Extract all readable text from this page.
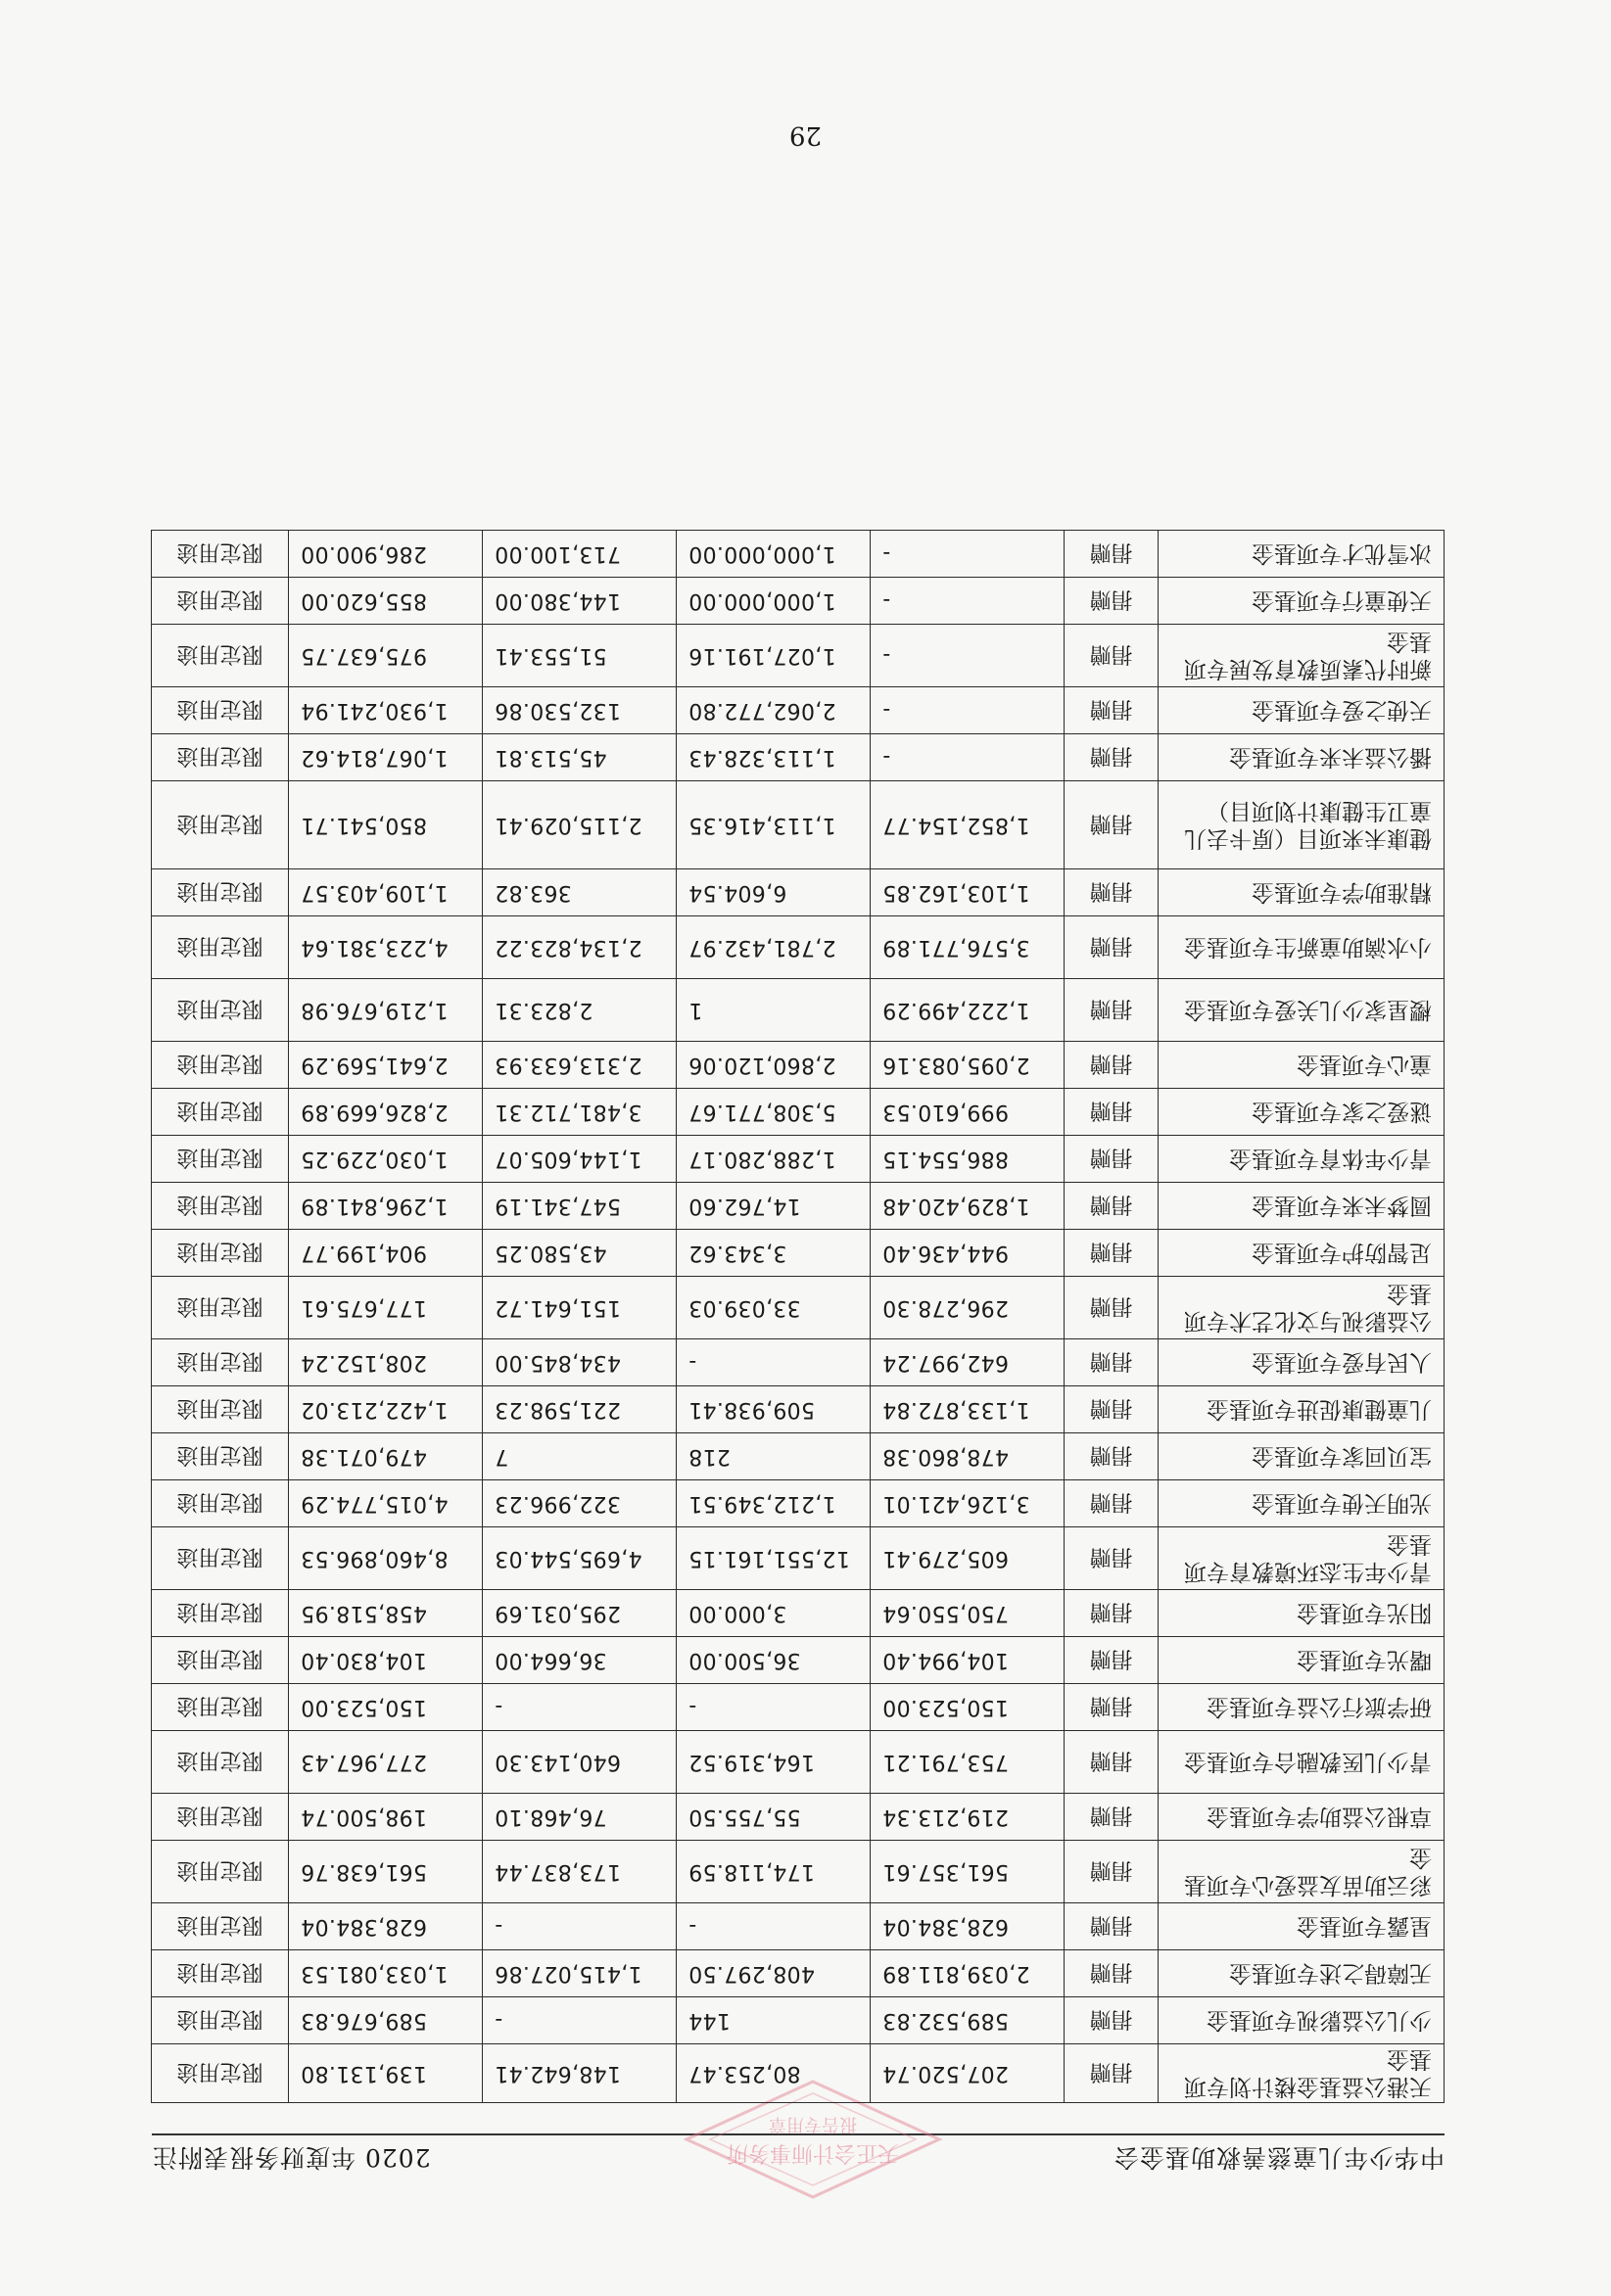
中华少年儿童慈善救助基金会
2020 年度财务报表附注	天正会计师事务所
报告专用章
天港公益基金楼计划专项基金	捐赠	207,520.74	80,253.47	148,642.41	139,131.80	限定用途
少儿公益影视专项基金	捐赠	589,532.83	144	-	589,676.83	限定用途
无障碍之述专项基金	捐赠	2,039,811.89	408,297.50	1,415,027.86	1,033,081.53	限定用途
星露专项基金	捐赠	628,384.04	-	-	628,384.04	限定用途
彩云助苗友益爱心专项基金	捐赠	561,357.61	174,118.59	173,837.44	561,638.76	限定用途
草根公益助学专项基金	捐赠	219,213.34	55,755.50	76,468.10	198,500.74	限定用途
青少儿医教融合专项基金	捐赠	753,791.21	164,319.52	640,143.30	277,967.43	限定用途
研学旅行公益专项基金	捐赠	150,523.00	-	-	150,523.00	限定用途
曙光专项基金	捐赠	104,994.40	36,500.00	36,664.00	104,830.40	限定用途
阳光专项基金	捐赠	750,550.64	3,000.00	295,031.69	458,518.95	限定用途
青少年生态环境教育专项基金	捐赠	605,279.41	12,551,161.15	4,695,544.03	8,460,896.53	限定用途
光明天使专项基金	捐赠	3,126,421.01	1,212,349.51	322,996.23	4,015,774.29	限定用途
宝贝回家专项基金	捐赠	478,860.38	218	7	479,071.38	限定用途
儿童健康促进专项基金	捐赠	1,133,872.84	509,938.41	221,598.23	1,422,213.02	限定用途
人民有爱专项基金	捐赠	642,997.24	-	434,845.00	208,152.24	限定用途
公益影视与文化艺术专项基金	捐赠	296,278.30	33,039.03	151,641.72	177,675.61	限定用途
足智防护专项基金	捐赠	944,436.40	3,343.62	43,580.25	904,199.77	限定用途
圆梦未来专项基金	捐赠	1,829,420.48	14,762.60	547,341.19	1,296,841.89	限定用途
青少年体育专项基金	捐赠	886,554.15	1,288,280.17	1,144,605.07	1,030,229.25	限定用途
谜爱之家专项基金	捐赠	999,610.53	5,308,771.67	3,481,712.31	2,826,669.89	限定用途
童心专项基金	捐赠	2,095,083.16	2,860,120.06	2,313,633.93	2,641,569.29	限定用途
樱星家少儿关爱专项基金	捐赠	1,222,499.29	1	2,823.31	1,219,676.98	限定用途
小水滴助童新生专项基金	捐赠	3,576,771.89	2,781,432.97	2,134,823.22	4,223,381.64	限定用途
精准助学专项基金	捐赠	1,103,162.85	6,604.54	363.82	1,109,403.57	限定用途
健康未来项目（原卡去儿童卫生健康计划项目）	捐赠	1,852,154.77	1,113,416.35	2,115,029.41	850,541.71	限定用途
播公益未来专项基金	捐赠	-	1,113,328.43	45,513.81	1,067,814.62	限定用途
天使之爱专项基金	捐赠	-	2,062,772.80	132,530.86	1,930,241.94	限定用途
新时代素质教育发展专项基金	捐赠	-	1,027,191.16	51,553.41	975,637.75	限定用途
天使童行专项基金	捐赠	-	1,000,000.00	144,380.00	855,620.00	限定用途
冰雪优才专项基金	捐赠	-	1,000,000.00	713,100.00	286,900.00	限定用途
29
